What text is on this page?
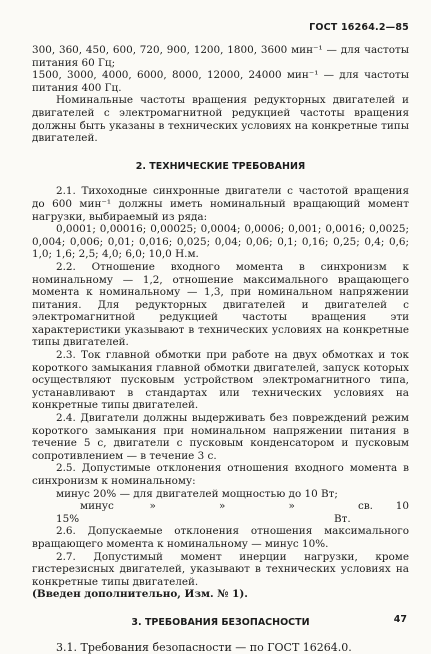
ГОСТ 16264.2—85

300, 360, 450, 600, 720, 900, 1200, 1800, 3600 мин⁻¹ — для частоты питания 60 Гц;

1500, 3000, 4000, 6000, 8000, 12000, 24000 мин⁻¹ — для частоты питания 400 Гц.

Номинальные частоты вращения редукторных двигателей и двигателей с электромагнитной редукцией частоты вращения должны быть указаны в технических условиях на конкретные типы двигателей.

2. ТЕХНИЧЕСКИЕ ТРЕБОВАНИЯ

2.1. Тихоходные синхронные двигатели с частотой вращения до 600 мин⁻¹ должны иметь номинальный вращающий момент нагрузки, выбираемый из ряда:

0,0001; 0,00016; 0,00025; 0,0004; 0,0006; 0,001; 0,0016; 0,0025; 0,004; 0,006; 0,01; 0,016; 0,025; 0,04; 0,06; 0,1; 0,16; 0,25; 0,4; 0,6; 1,0; 1,6; 2,5; 4,0; 6,0; 10,0 Н.м.

2.2. Отношение входного момента в синхронизм к номинальному — 1,2, отношение максимального вращающего момента к номинальному — 1,3, при номинальном напряжении питания. Для редукторных двигателей и двигателей с электромагнитной редукцией частоты вращения эти характеристики указывают в технических условиях на конкретные типы двигателей.

2.3. Ток главной обмотки при работе на двух обмотках и ток короткого замыкания главной обмотки двигателей, запуск которых осуществляют пусковым устройством электромагнитного типа, устанавливают в стандартах или технических условиях на конкретные типы двигателей.

2.4. Двигатели должны выдерживать без повреждений режим короткого замыкания при номинальном напряжении питания в течение 5 с, двигатели с пусковым конденсатором и пусковым сопротивлением — в течение 3 с.

2.5. Допустимые отклонения отношения входного момента в синхронизм к номинальному:

минус 20% — для двигателей мощностью до 10 Вт;

минус 15%
»	»	»	св. 10 Вт.

2.6. Допускаемые отклонения отношения максимального вращающего момента к номинальному — минус 10%.

2.7. Допустимый момент инерции нагрузки, кроме гистерезисных двигателей, указывают в технических условиях на конкретные типы двигателей.

(Введен дополнительно, Изм. № 1).

3. ТРЕБОВАНИЯ БЕЗОПАСНОСТИ

3.1. Требования безопасности — по ГОСТ 16264.0.

47
